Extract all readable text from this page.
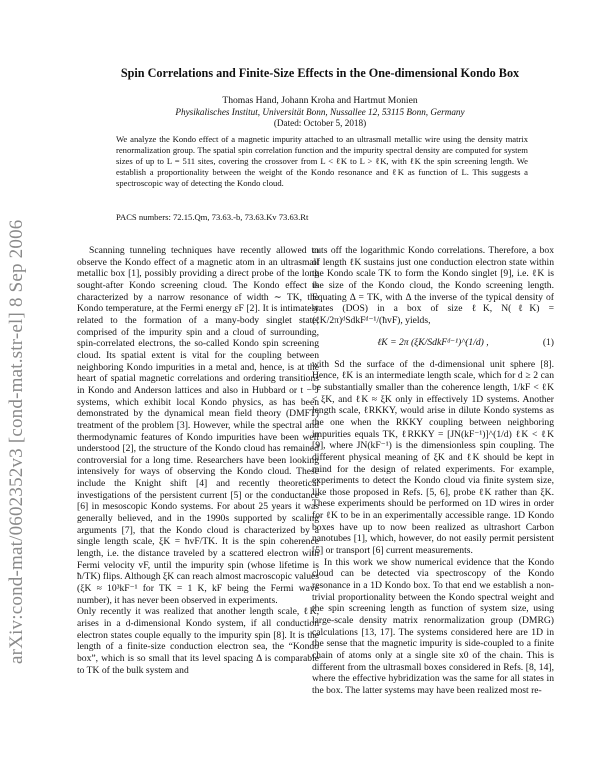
arXiv:cond-mat/0602352v3 [cond-mat.str-el] 8 Sep 2006
Spin Correlations and Finite-Size Effects in the One-dimensional Kondo Box
Thomas Hand, Johann Kroha and Hartmut Monien
Physikalisches Institut, Universität Bonn, Nussallee 12, 53115 Bonn, Germany
(Dated: October 5, 2018)
We analyze the Kondo effect of a magnetic impurity attached to an ultrasmall metallic wire using the density matrix renormalization group. The spatial spin correlation function and the impurity spectral density are computed for system sizes of up to L = 511 sites, covering the crossover from L < ℓK to L > ℓK, with ℓK the spin screening length. We establish a proportionality between the weight of the Kondo resonance and ℓK as function of L. This suggests a spectroscopic way of detecting the Kondo cloud.
PACS numbers: 72.15.Qm, 73.63.-b, 73.63.Kv 73.63.Rt

Scanning tunneling techniques have recently allowed to observe the Kondo effect of a magnetic atom in an ultrasmall metallic box [1], possibly providing a direct probe of the long sought-after Kondo screening cloud. The Kondo effect is characterized by a narrow resonance of width ∼ TK, the Kondo temperature, at the Fermi energy εF [2]. It is intimately related to the formation of a many-body singlet state, comprised of the impurity spin and a cloud of surrounding, spin-correlated electrons, the so-called Kondo spin screening cloud. Its spatial extent is vital for the coupling between neighboring Kondo impurities in a metal and, hence, is at the heart of spatial magnetic correlations and ordering transitions in Kondo and Anderson lattices and also in Hubbard or t − J systems, which exhibit local Kondo physics, as has been demonstrated by the dynamical mean field theory (DMFT) treatment of the problem [3]. However, while the spectral and thermodynamic features of Kondo impurities have been well understood [2], the structure of the Kondo cloud has remained controversial for a long time. Researchers have been looking intensively for ways of observing the Kondo cloud. These include the Knight shift [4] and recently theoretical investigations of the persistent current [5] or the conductance [6] in mesoscopic Kondo systems. For about 25 years it was generally believed, and in the 1990s supported by scaling arguments [7], that the Kondo cloud is characterized by a single length scale, ξK = ħvF/TK. It is the spin coherence length, i.e. the distance traveled by a scattered electron with Fermi velocity vF, until the impurity spin (whose lifetime is ħ/TK) flips. Although ξK can reach almost macroscopic values (ξK ≈ 10³kF⁻¹ for TK = 1 K, kF being the Fermi wave number), it has never been observed in experiments.

Only recently it was realized that another length scale, ℓK, arises in a d-dimensional Kondo system, if all conduction electron states couple equally to the impurity spin [8]. It is the length of a finite-size conduction electron sea, the “Kondo box”, which is so small that its level spacing Δ is comparable to TK of the bulk system and

cuts off the logarithmic Kondo correlations. Therefore, a box of length ℓK sustains just one conduction electron state within the Kondo scale TK to form the Kondo singlet [9], i.e. ℓK is the size of the Kondo cloud, the Kondo screening length. Equating Δ = TK, with Δ the inverse of the typical density of states (DOS) in a box of size ℓK, N(ℓK) = (ℓK/2π)ᵈSdkFᵈ⁻¹/(ħvF), yields,

ℓK = 2π (ξK/SdkFᵈ⁻¹)^(1/d) ,	(1)

with Sd the surface of the d-dimensional unit sphere [8]. Hence, ℓK is an intermediate length scale, which for d ≥ 2 can be substantially smaller than the coherence length, 1/kF < ℓK < ξK, and ℓK ≈ ξK only in effectively 1D systems. Another length scale, ℓRKKY, would arise in dilute Kondo systems as the one when the RKKY coupling between neighboring impurities equals TK, ℓRKKY = [JN(kF⁻¹)]^(1/d) ℓK < ℓK [9], where JN(kF⁻¹) is the dimensionless spin coupling. The different physical meaning of ξK and ℓK should be kept in mind for the design of related experiments. For example, experiments to detect the Kondo cloud via finite system size, like those proposed in Refs. [5, 6], probe ℓK rather than ξK. These experiments should be performed on 1D wires in order for ℓK to be in an experimentally accessible range. 1D Kondo boxes have up to now been realized as ultrashort Carbon nanotubes [1], which, however, do not easily permit persistent [5] or transport [6] current measurements.

In this work we show numerical evidence that the Kondo cloud can be detected via spectroscopy of the Kondo resonance in a 1D Kondo box. To that end we establish a non-trivial proportionality between the Kondo spectral weight and the spin screening length as function of system size, using large-scale density matrix renormalization group (DMRG) calculations [13, 17]. The systems considered here are 1D in the sense that the magnetic impurity is side-coupled to a finite chain of atoms only at a single site x0 of the chain. This is different from the ultrasmall boxes considered in Refs. [8, 14], where the effective hybridization was the same for all states in the box. The latter systems may have been realized most re-
